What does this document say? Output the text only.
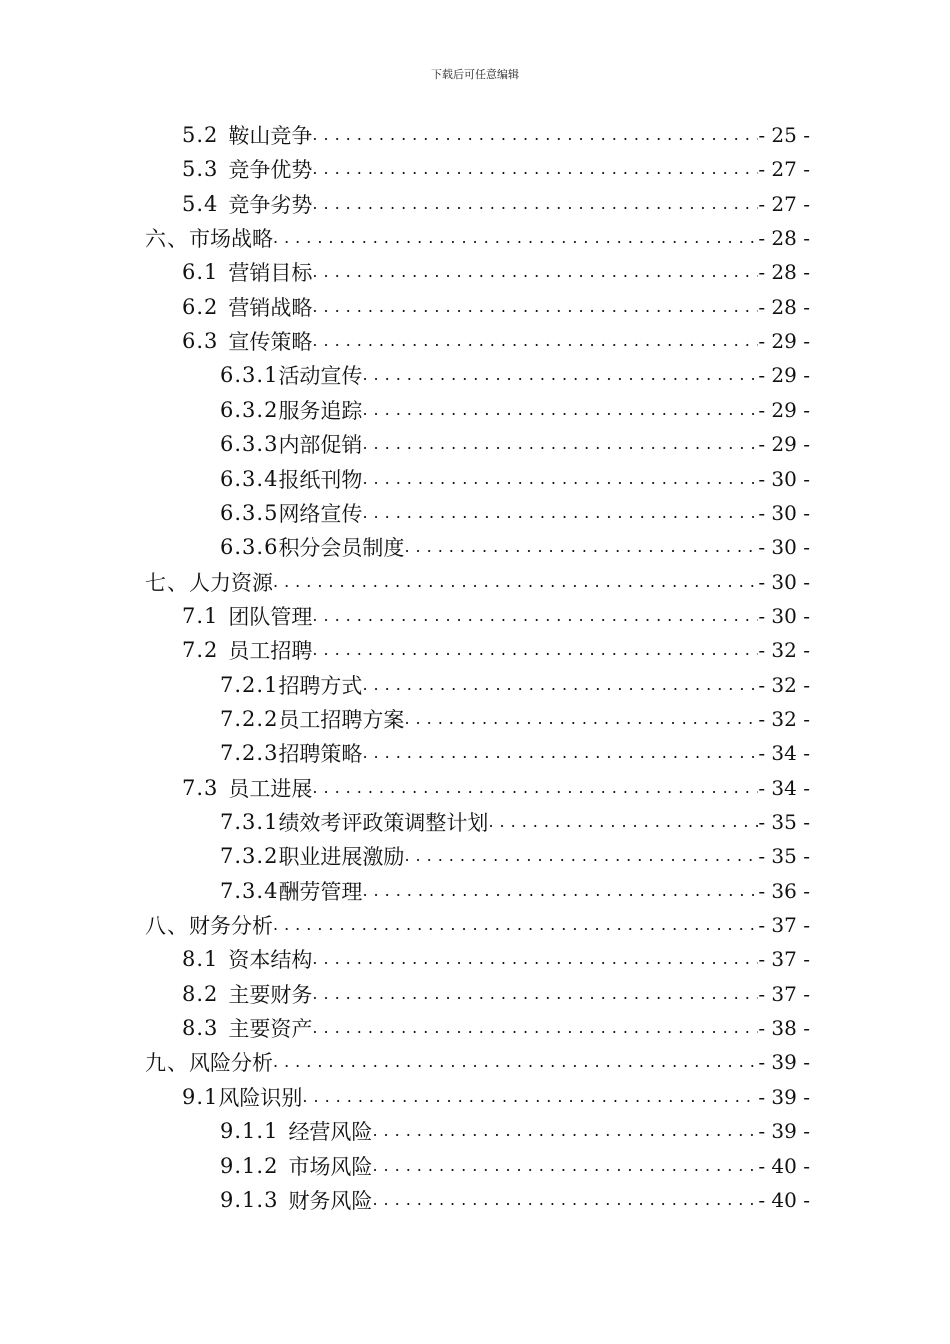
下载后可任意编辑
5.2 鞍山竞争 .....	- 25 -
5.3 竞争优势 .....	- 27 -
5.4 竞争劣势 .....	- 27 -
六、 市场战略 .....	- 28 -
6.1 营销目标 .....	- 28 -
6.2 营销战略 .....	- 28 -
6.3 宣传策略 .....	- 29 -
6.3.1 活动宣传 .....	- 29 -
6.3.2 服务追踪 .....	- 29 -
6.3.3 内部促销 .....	- 29 -
6.3.4 报纸刊物 .....	- 30 -
6.3.5 网络宣传 .....	- 30 -
6.3.6 积分会员制度 .....	- 30 -
七、 人力资源 .....	- 30 -
7.1 团队管理 .....	- 30 -
7.2 员工招聘 .....	- 32 -
7.2.1 招聘方式 .....	- 32 -
7.2.2 员工招聘方案 .....	- 32 -
7.2.3 招聘策略 .....	- 34 -
7.3 员工进展 .....	- 34 -
7.3.1 绩效考评政策调整计划 .....	- 35 -
7.3.2 职业进展激励 .....	- 35 -
7.3.4 酬劳管理 .....	- 36 -
八、 财务分析 .....	- 37 -
8.1 资本结构 .....	- 37 -
8.2 主要财务 .....	- 37 -
8.3 主要资产 .....	- 38 -
九、 风险分析 .....	- 39 -
9.1 风险识别 .....	- 39 -
9.1.1 经营风险 .....	- 39 -
9.1.2 市场风险 .....	- 40 -
9.1.3 财务风险 .....	- 40 -
